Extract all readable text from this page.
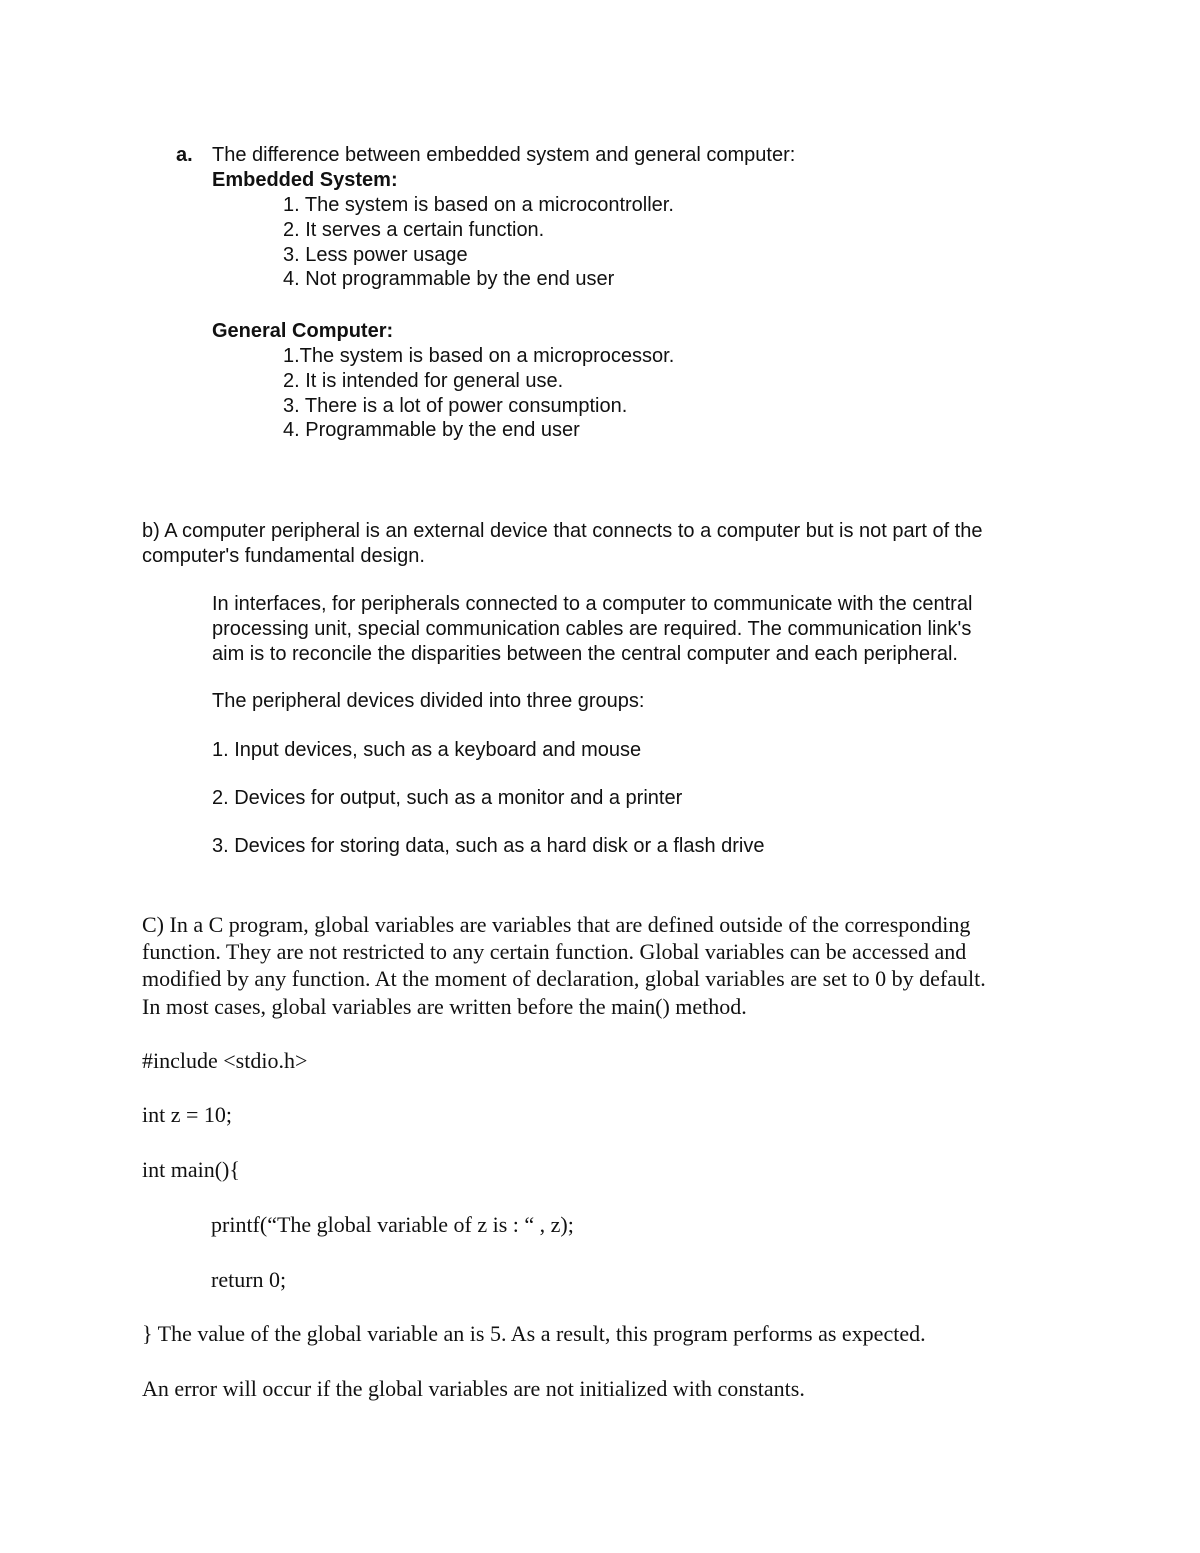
a. The difference between embedded system and general computer:
Embedded System:
1. The system is based on a microcontroller.
2. It serves a certain function.
3. Less power usage
4. Not programmable by the end user
General Computer:
1.The system is based on a microprocessor.
2. It is intended for general use.
3. There is a lot of power consumption.
4. Programmable by the end user
b) A computer peripheral is an external device that connects to a computer but is not part of the
computer's fundamental design.
In interfaces, for peripherals connected to a computer to communicate with the central
processing unit, special communication cables are required. The communication link's
aim is to reconcile the disparities between the central computer and each peripheral.
The peripheral devices divided into three groups:
1. Input devices, such as a keyboard and mouse
2. Devices for output, such as a monitor and a printer
3. Devices for storing data, such as a hard disk or a flash drive
C) In a C program, global variables are variables that are defined outside of the corresponding
function. They are not restricted to any certain function. Global variables can be accessed and
modified by any function. At the moment of declaration, global variables are set to 0 by default.
In most cases, global variables are written before the main() method.
#include <stdio.h>
int z = 10;
int main(){
printf(“The global variable of z is : “ , z);
return 0;
} The value of the global variable an is 5. As a result, this program performs as expected.
An error will occur if the global variables are not initialized with constants.
